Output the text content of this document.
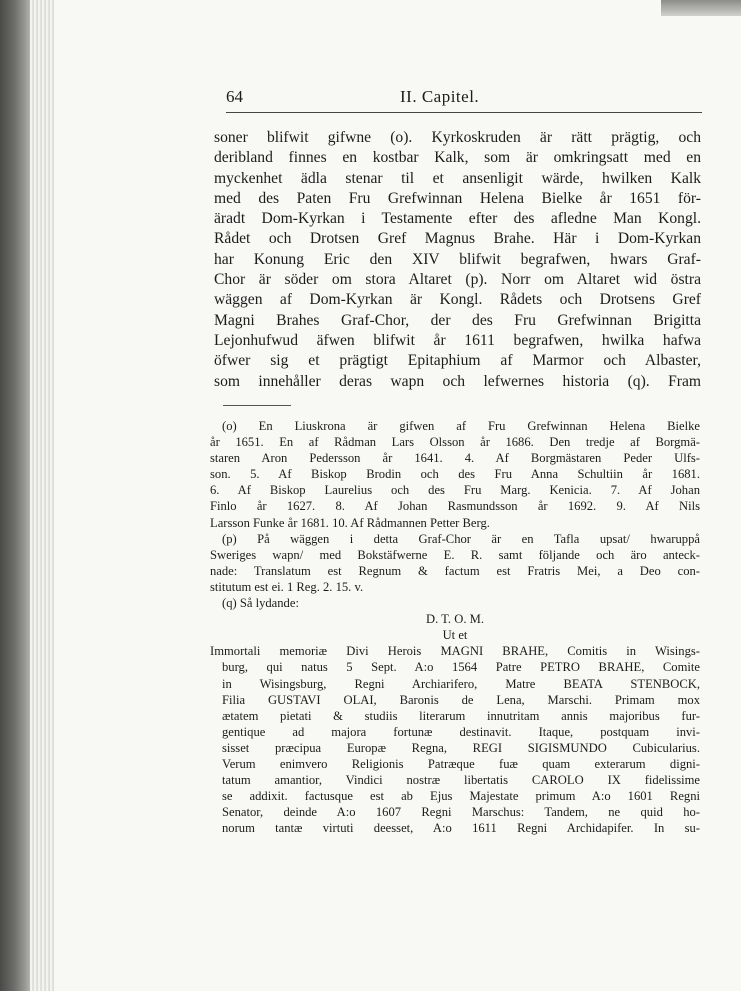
64	II. Capitel.
soner blifwit gifwne (o). Kyrkoskruden är rätt prägtig, och
deribland finnes en kostbar Kalk, som är omkringsatt med en
myckenhet ädla stenar til et ansenligit wärde, hwilken Kalk
med des Paten Fru Grefwinnan Helena Bielke år 1651 för-
äradt Dom-Kyrkan i Testamente efter des afledne Man Kongl.
Rådet och Drotsen Gref Magnus Brahe. Här i Dom-Kyrkan
har Konung Eric den XIV blifwit begrafwen, hwars Graf-
Chor är söder om stora Altaret (p). Norr om Altaret wid östra
wäggen af Dom-Kyrkan är Kongl. Rådets och Drotsens Gref
Magni Brahes Graf-Chor, der des Fru Grefwinnan Brigitta
Lejonhufwud äfwen blifwit år 1611 begrafwen, hwilka hafwa
öfwer sig et prägtigt Epitaphium af Marmor och Albaster,
som innehåller deras wapn och lefwernes historia (q). Fram
(o) En Liuskrona är gifwen af Fru Grefwinnan Helena Bielke
år 1651. En af Rådman Lars Olsson år 1686. Den tredje af Borgmä-
staren Aron Pedersson år 1641. 4. Af Borgmästaren Peder Ulfs-
son. 5. Af Biskop Brodin och des Fru Anna Schultiin år 1681.
6. Af Biskop Laurelius och des Fru Marg. Kenicia. 7. Af Johan
Finlo år 1627. 8. Af Johan Rasmundsson år 1692. 9. Af Nils
Larsson Funke år 1681. 10. Af Rådmannen Petter Berg.
(p) På wäggen i detta Graf-Chor är en Tafla upsat/ hwaruppå
Sweriges wapn/ med Bokstäfwerne E. R. samt följande och äro anteck-
nade: Translatum est Regnum & factum est Fratris Mei, a Deo con-
stitutum est ei. 1 Reg. 2. 15. v.
(q) Så lydande:
D. T. O. M.
Ut et
Immortali memoriæ Divi Herois MAGNI BRAHE, Comitis in Wisings-
burg, qui natus 5 Sept. A:o 1564 Patre PETRO BRAHE, Comite
in Wisingsburg, Regni Archiarifero, Matre BEATA STENBOCK,
Filia GUSTAVI OLAI, Baronis de Lena, Marschi. Primam mox
ætatem pietati & studiis literarum innutritam annis majoribus fur-
gentique ad majora fortunæ destinavit. Itaque, postquam invi-
sisset præcipua Europæ Regna, REGI SIGISMUNDO Cubicularius.
Verum enimvero Religionis Patræque fuæ quam exterarum digni-
tatum amantior, Vindici nostræ libertatis CAROLO IX fidelissime
se addixit. factusque est ab Ejus Majestate primum A:o 1601 Regni
Senator, deinde A:o 1607 Regni Marschus: Tandem, ne quid ho-
norum tantæ virtuti deesset, A:o 1611 Regni Archidapifer. In su-
